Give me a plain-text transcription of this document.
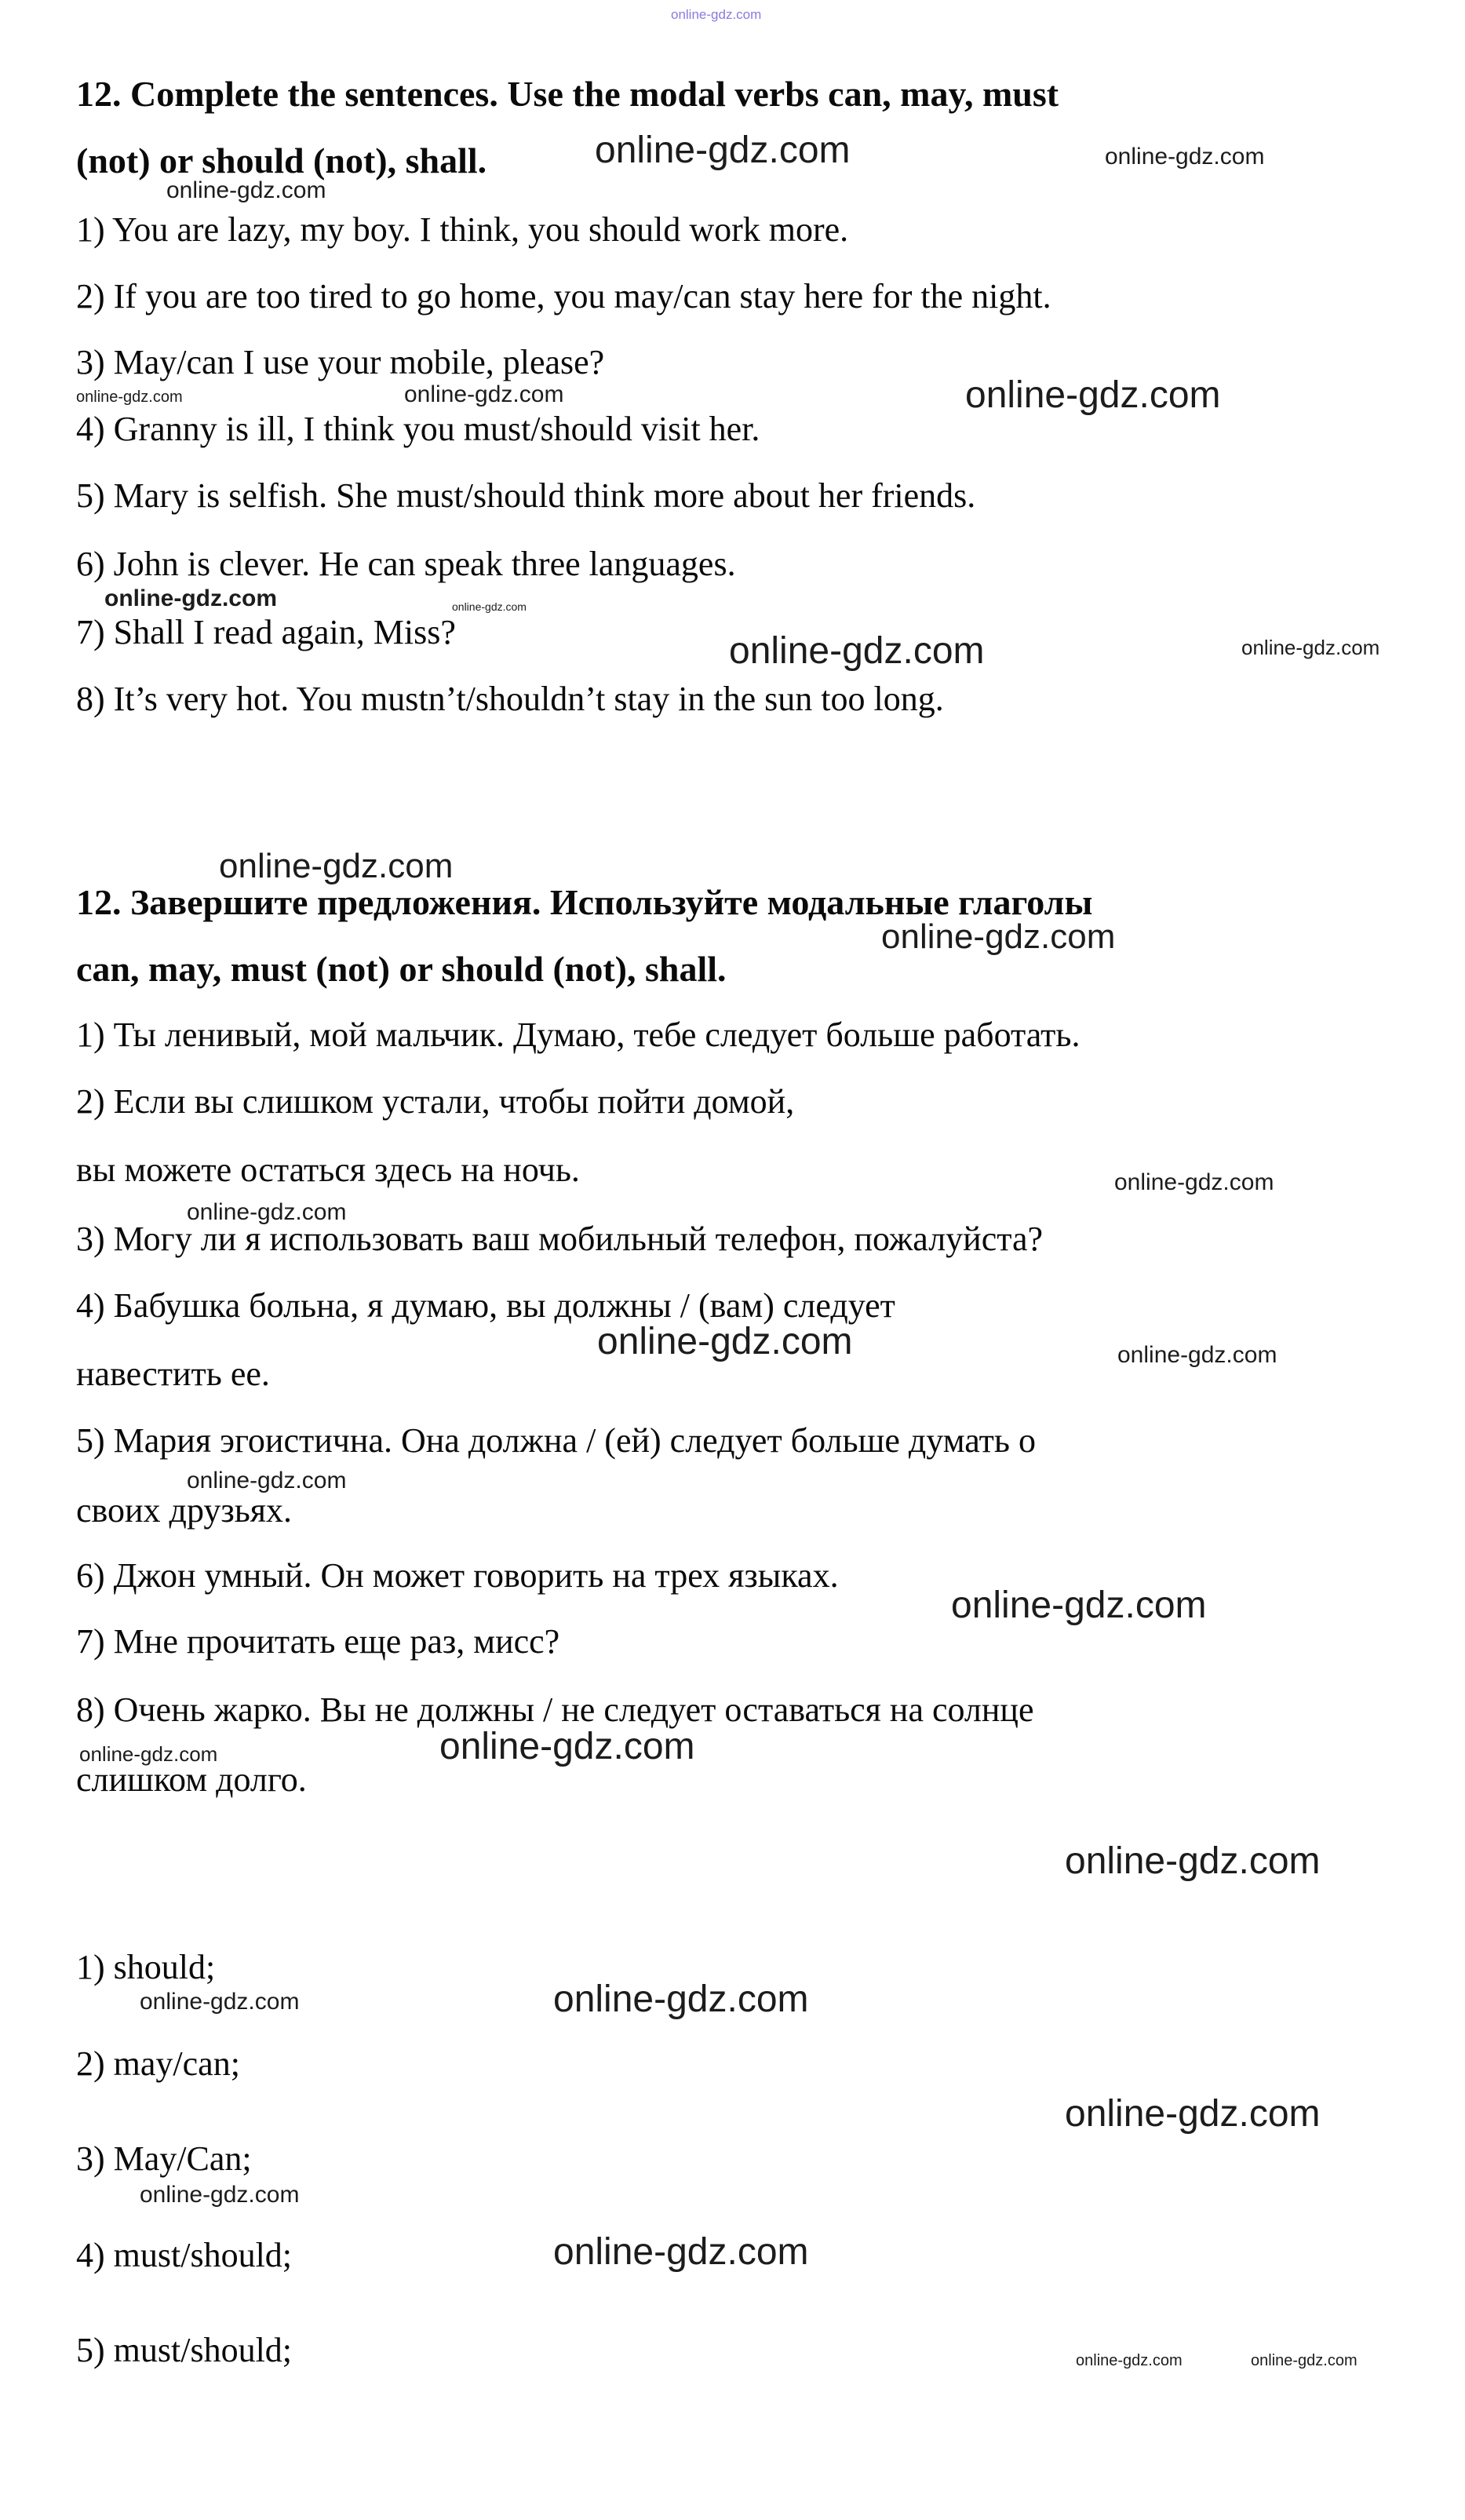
online-gdz.com
12. Complete the sentences. Use the modal verbs can, may, must
(not) or should (not), shall.	online-gdz.com	online-gdz.com
online-gdz.com
1) You are lazy, my boy. I think, you should work more.
2) If you are too tired to go home, you may/can stay here for the night.
3) May/can I use your mobile, please?
online-gdz.com	online-gdz.com	online-gdz.com
4) Granny is ill, I think you must/should visit her.
5) Mary is selfish. She must/should think more about her friends.
6) John is clever. He can speak three languages.
online-gdz.com	online-gdz.com
7) Shall I read again, Miss?	online-gdz.com	online-gdz.com
8) It’s very hot. You mustn’t/shouldn’t stay in the sun too long.
online-gdz.com
12. Завершите предложения. Используйте модальные глаголы
online-gdz.com
can, may, must (not) or should (not), shall.
1) Ты ленивый, мой мальчик. Думаю, тебе следует больше работать.
2) Если вы слишком устали, чтобы пойти домой,
вы можете остаться здесь на ночь.	online-gdz.com
online-gdz.com
3) Могу ли я использовать ваш мобильный телефон, пожалуйста?
4) Бабушка больна, я думаю, вы должны / (вам) следует
online-gdz.com	online-gdz.com
навестить ее.
5) Мария эгоистична. Она должна / (ей) следует больше думать о
online-gdz.com
своих друзьях.
6) Джон умный. Он может говорить на трех языках.
online-gdz.com
7) Мне прочитать еще раз, мисс?
8) Очень жарко. Вы не должны / не следует оставаться на солнце
online-gdz.com	online-gdz.com
слишком долго.
online-gdz.com
1) should;
online-gdz.com	online-gdz.com
2) may/can;
online-gdz.com
3) May/Can;
online-gdz.com
4) must/should;	online-gdz.com
5) must/should;	online-gdz.com	online-gdz.com
